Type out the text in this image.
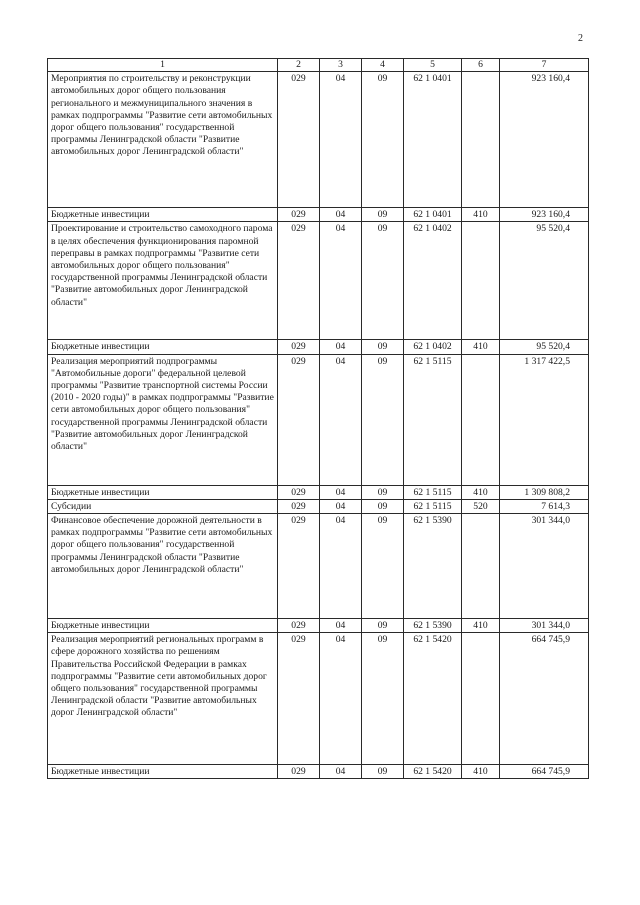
2
1	2	3	4	5	6	7
Мероприятия по строительству и реконструкции автомобильных дорог общего пользования регионального и межмуниципального значения в рамках подпрограммы "Развитие сети автомобильных дорог общего пользования" государственной программы Ленинградской области "Развитие автомобильных дорог Ленинградской области"	029	04	09	62 1 0401		923 160,4
Бюджетные инвестиции	029	04	09	62 1 0401	410	923 160,4
Проектирование и строительство самоходного парома в целях обеспечения функционирования паромной переправы в рамках подпрограммы "Развитие сети автомобильных дорог общего пользования" государственной программы Ленинградской области "Развитие автомобильных дорог Ленинградской области"	029	04	09	62 1 0402		95 520,4
Бюджетные инвестиции	029	04	09	62 1 0402	410	95 520,4
Реализация мероприятий подпрограммы "Автомобильные дороги" федеральной целевой программы "Развитие транспортной системы России (2010 - 2020 годы)" в рамках подпрограммы "Развитие сети автомобильных дорог общего пользования" государственной программы Ленинградской области "Развитие автомобильных дорог Ленинградской области"	029	04	09	62 1 5115		1 317 422,5
Бюджетные инвестиции	029	04	09	62 1 5115	410	1 309 808,2
Субсидии	029	04	09	62 1 5115	520	7 614,3
Финансовое обеспечение дорожной деятельности в рамках подпрограммы "Развитие сети автомобильных дорог общего пользования" государственной программы Ленинградской области "Развитие автомобильных дорог Ленинградской области"	029	04	09	62 1 5390		301 344,0
Бюджетные инвестиции	029	04	09	62 1 5390	410	301 344,0
Реализация мероприятий региональных программ в сфере дорожного хозяйства по решениям Правительства Российской Федерации в рамках подпрограммы "Развитие сети автомобильных дорог общего пользования" государственной программы Ленинградской области "Развитие автомобильных дорог Ленинградской области"	029	04	09	62 1 5420		664 745,9
Бюджетные инвестиции	029	04	09	62 1 5420	410	664 745,9
